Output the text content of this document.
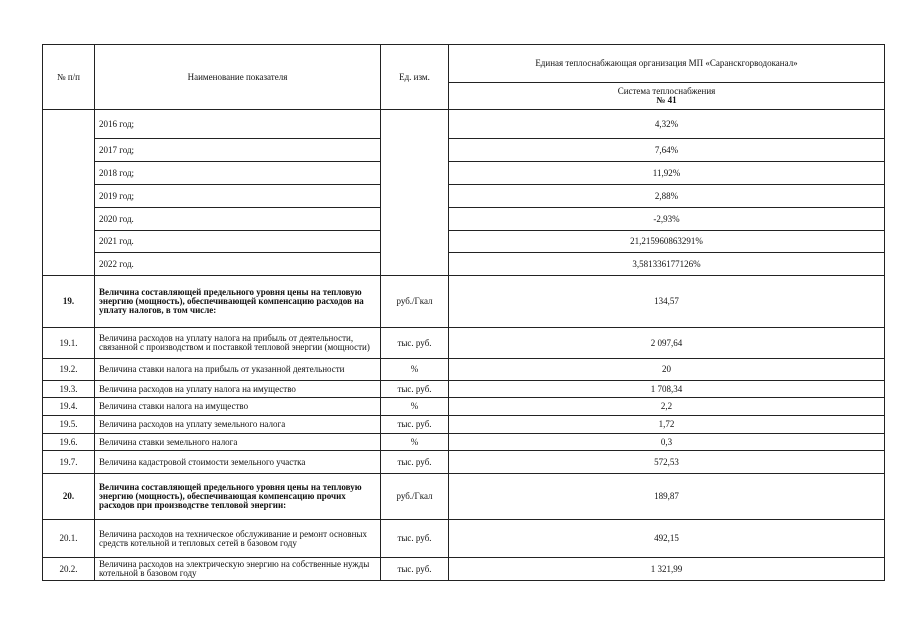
№ п/п	Наименование показателя	Ед. изм.	Единая теплоснабжающая организация МП «Саранскгорводоканал»

			Система теплоснабжения
№ 41

	2016 год;		4,32%
	2017 год;		7,64%
	2018 год;		11,92%
	2019 год;		2,88%
	2020 год.		-2,93%
	2021 год.		21,215960863291%
	2022 год.		3,581336177126%
19.	Величина составляющей предельного уровня цены на тепловую энергию (мощность), обеспечивающей компенсацию расходов на уплату налогов, в том числе:	руб./Гкал	134,57
19.1.	Величина расходов на уплату налога на прибыль от деятельности, связанной с производством и поставкой тепловой энергии (мощности)	тыс. руб.	2 097,64
19.2.	Величина ставки налога на прибыль от указанной деятельности	%	20
19.3.	Величина расходов на уплату налога на имущество	тыс. руб.	1 708,34
19.4.	Величина ставки налога на имущество	%	2,2
19.5.	Величина расходов на уплату земельного налога	тыс. руб.	1,72
19.6.	Величина ставки земельного налога	%	0,3
19.7.	Величина кадастровой стоимости земельного участка	тыс. руб.	572,53
20.	Величина составляющей предельного уровня цены на тепловую энергию (мощность), обеспечивающая компенсацию прочих расходов при производстве тепловой энергии:	руб./Гкал	189,87
20.1.	Величина расходов на техническое обслуживание и ремонт основных средств котельной и тепловых сетей в базовом году	тыс. руб.	492,15
20.2.	Величина расходов на электрическую энергию на собственные нужды котельной в базовом году	тыс. руб.	1 321,99
